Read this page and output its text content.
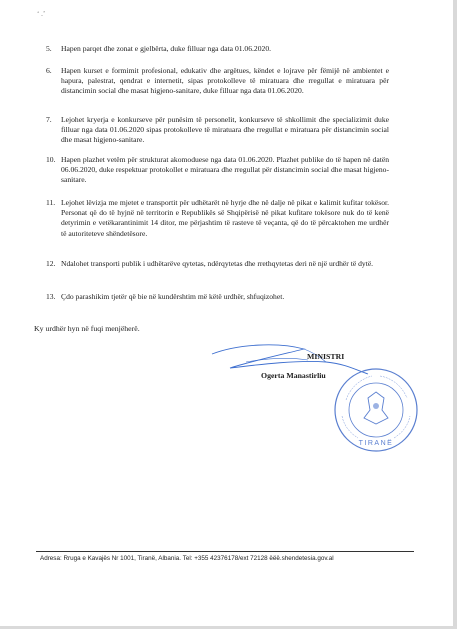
‘ .’
5. Hapen parqet dhe zonat e gjelbërta, duke filluar nga data 01.06.2020.
6. Hapen kurset e formimit profesional, edukativ dhe argëtues, këndet e lojrave për fëmijë në ambientet e hapura, palestrat, qendrat e internetit, sipas protokolleve të miratuara dhe rregullat e miratuara për distancimin social dhe masat higjeno-sanitare, duke filluar nga data 01.06.2020.
7. Lejohet kryerja e konkurseve për punësim të personelit, konkurseve të shkollimit dhe specializimit duke filluar nga data 01.06.2020 sipas protokolleve të miratuara dhe rregullat e miratuara për distancimin social dhe masat higjeno-sanitare.
10. Hapen plazhet vetëm për strukturat akomoduese nga data 01.06.2020. Plazhet publike do të hapen në datën 06.06.2020, duke respektuar protokollet e miratuara dhe rregullat për distancimin social dhe masat higjeno-sanitare.
11. Lejohet lëvizja me mjetet e transportit për udhëtarët në hyrje dhe në dalje në pikat e kalimit kufitar tokësor. Personat që do të hyjnë në territorin e Republikës së Shqipërisë në pikat kufitare tokësore nuk do të kenë detyrimin e vetëkarantinimit 14 ditor, me përjashtim të rasteve të veçanta, që do të përcaktohen me urdhër të autoriteteve shëndetësore.
12. Ndalohet transporti publik i udhëtarëve qytetas, ndërqytetas dhe rrethqytetas deri në një urdhër të dytë.
13. Çdo parashikim tjetër që bie në kundërshtim më këtë urdhër, shfuqizohet.
Ky urdhër hyn në fuqi menjëherë.
MINISTRI
Ogerta Manastirliu
TIRANË
Adresa: Rruga e Kavajës Nr 1001, Tiranë, Albania. Tel: +355 42376178/ext 72128 ëëë.shendetesia.gov.al
